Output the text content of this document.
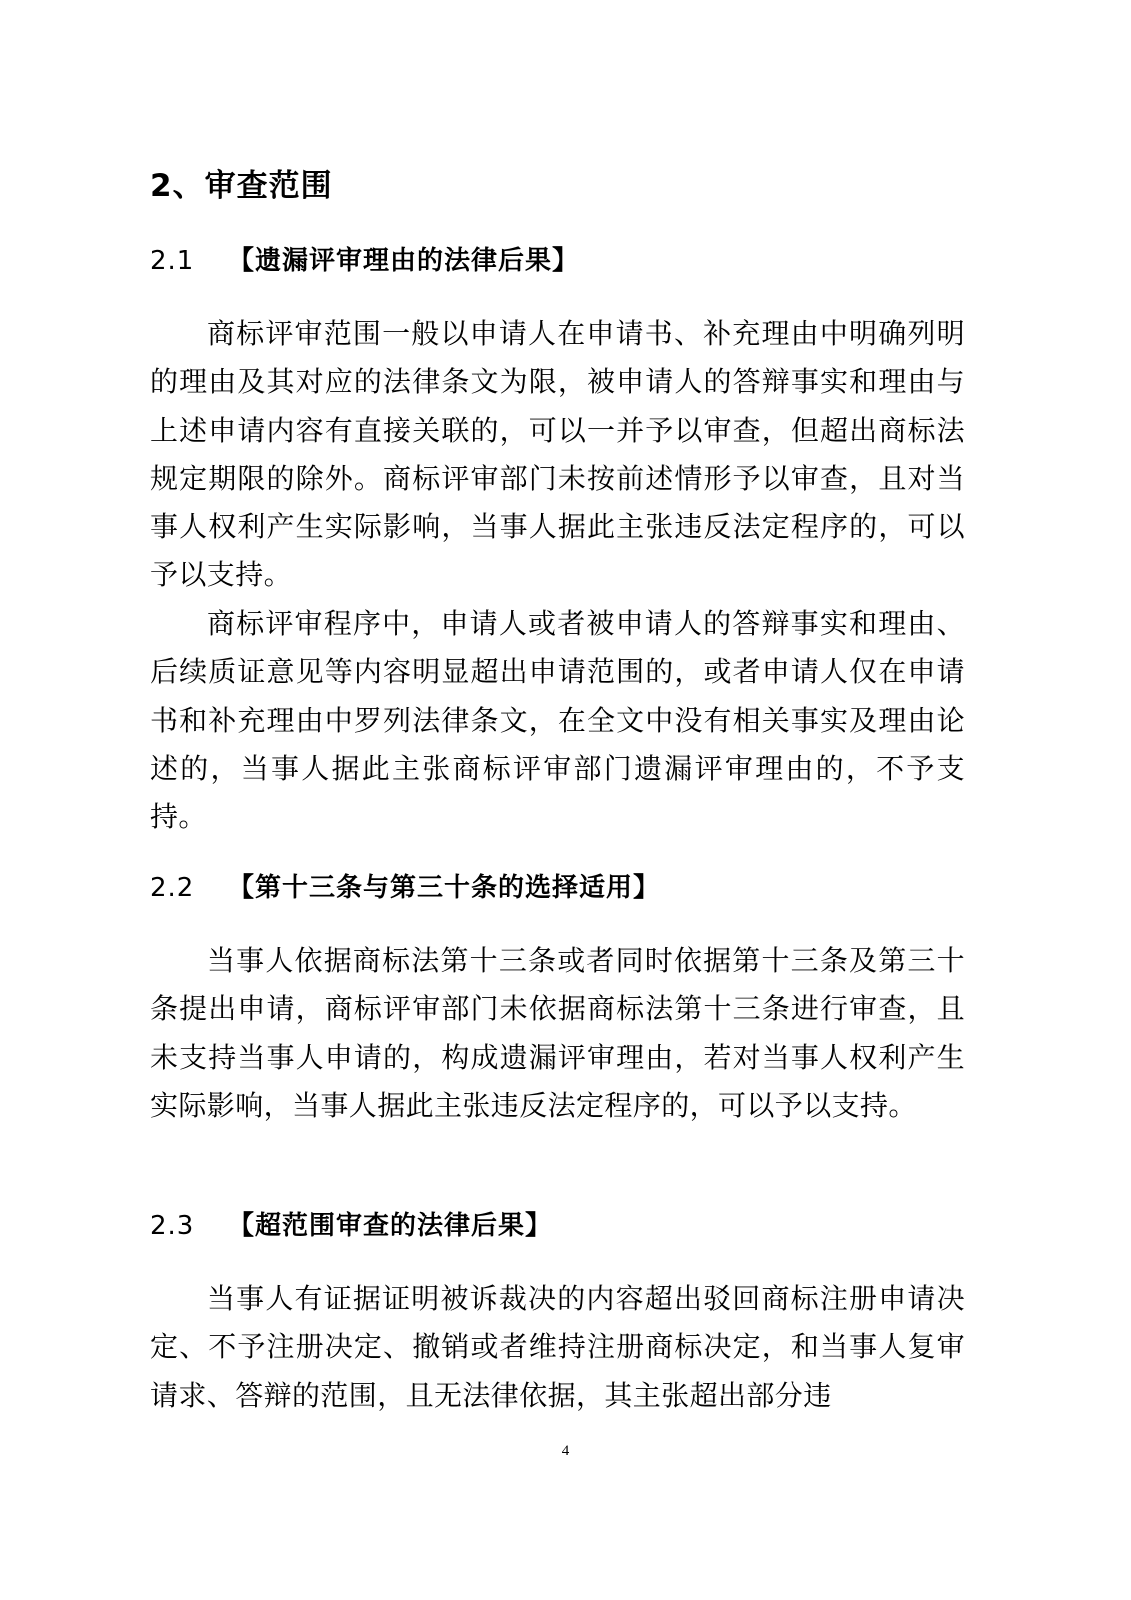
2、审查范围
2.1 【遗漏评审理由的法律后果】

商标评审范围一般以申请人在申请书、补充理由中明确列明的理由及其对应的法律条文为限，被申请人的答辩事实和理由与上述申请内容有直接关联的，可以一并予以审查，但超出商标法规定期限的除外。商标评审部门未按前述情形予以审查，且对当事人权利产生实际影响，当事人据此主张违反法定程序的，可以予以支持。

商标评审程序中，申请人或者被申请人的答辩事实和理由、后续质证意见等内容明显超出申请范围的，或者申请人仅在申请书和补充理由中罗列法律条文，在全文中没有相关事实及理由论述的，当事人据此主张商标评审部门遗漏评审理由的，不予支持。

2.2 【第十三条与第三十条的选择适用】

当事人依据商标法第十三条或者同时依据第十三条及第三十条提出申请，商标评审部门未依据商标法第十三条进行审查，且未支持当事人申请的，构成遗漏评审理由，若对当事人权利产生实际影响，当事人据此主张违反法定程序的，可以予以支持。

2.3 【超范围审查的法律后果】

当事人有证据证明被诉裁决的内容超出驳回商标注册申请决定、不予注册决定、撤销或者维持注册商标决定，和当事人复审请求、答辩的范围，且无法律依据，其主张超出部分违

4
